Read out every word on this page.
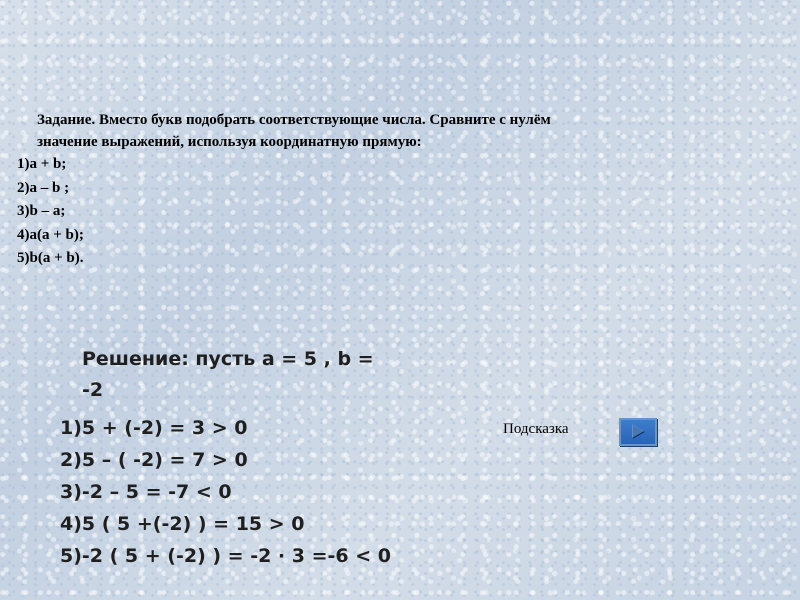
Задание. Вместо букв подобрать соответствующие числа. Сравните с нулём значение выражений, используя координатную прямую:
1)a + b;
2)a – b ;
3)b – a;
4)a(a + b);
5)b(a + b).
Решение: пусть а = 5 , b = -2
1)5 + (-2) = 3 > 0
2)5 – ( -2) = 7 > 0
3)-2 – 5 = -7 < 0
4)5 ( 5 +(-2) ) = 15 > 0
5)-2 ( 5 + (-2) ) = -2 · 3 =-6 < 0
Подсказка
